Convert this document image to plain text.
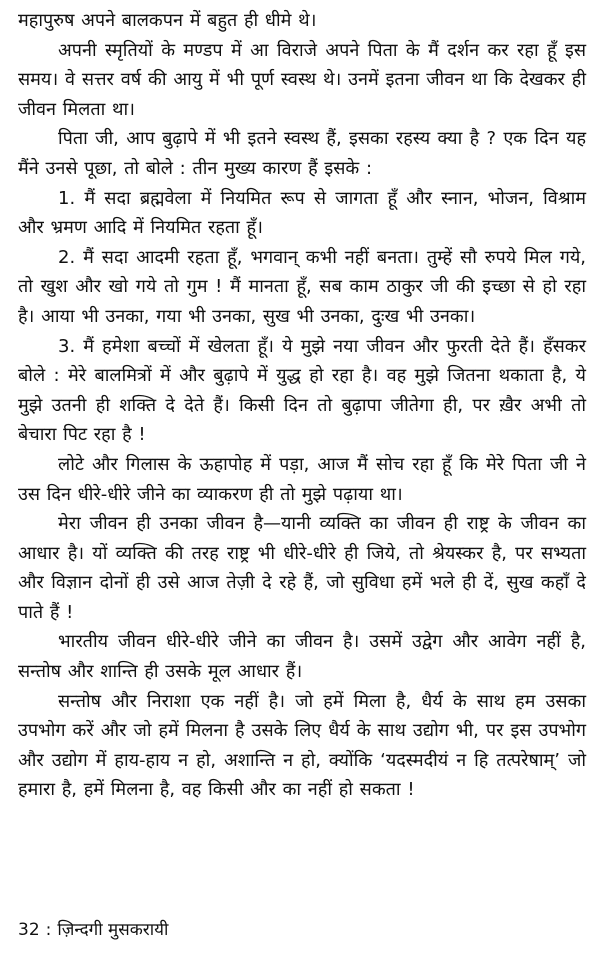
महापुरुष अपने बालकपन में बहुत ही धीमे थे।

अपनी स्मृतियों के मण्डप में आ विराजे अपने पिता के मैं दर्शन कर रहा हूँ इस समय। वे सत्तर वर्ष की आयु में भी पूर्ण स्वस्थ थे। उनमें इतना जीवन था कि देखकर ही जीवन मिलता था।

पिता जी, आप बुढ़ापे में भी इतने स्वस्थ हैं, इसका रहस्य क्या है ? एक दिन यह मैंने उनसे पूछा, तो बोले : तीन मुख्य कारण हैं इसके :

1. मैं सदा ब्रह्मवेला में नियमित रूप से जागता हूँ और स्नान, भोजन, विश्राम और भ्रमण आदि में नियमित रहता हूँ।

2. मैं सदा आदमी रहता हूँ, भगवान् कभी नहीं बनता। तुम्हें सौ रुपये मिल गये, तो खुश और खो गये तो गुम ! मैं मानता हूँ, सब काम ठाकुर जी की इच्छा से हो रहा है। आया भी उनका, गया भी उनका, सुख भी उनका, दुःख भी उनका।

3. मैं हमेशा बच्चों में खेलता हूँ। ये मुझे नया जीवन और फुरती देते हैं। हँसकर बोले : मेरे बालमित्रों में और बुढ़ापे में युद्ध हो रहा है। वह मुझे जितना थकाता है, ये मुझे उतनी ही शक्ति दे देते हैं। किसी दिन तो बुढ़ापा जीतेगा ही, पर ख़ैर अभी तो बेचारा पिट रहा है !

लोटे और गिलास के ऊहापोह में पड़ा, आज मैं सोच रहा हूँ कि मेरे पिता जी ने उस दिन धीरे-धीरे जीने का व्याकरण ही तो मुझे पढ़ाया था।

मेरा जीवन ही उनका जीवन है—यानी व्यक्ति का जीवन ही राष्ट्र के जीवन का आधार है। यों व्यक्ति की तरह राष्ट्र भी धीरे-धीरे ही जिये, तो श्रेयस्कर है, पर सभ्यता और विज्ञान दोनों ही उसे आज तेज़ी दे रहे हैं, जो सुविधा हमें भले ही दें, सुख कहाँ दे पाते हैं !

भारतीय जीवन धीरे-धीरे जीने का जीवन है। उसमें उद्वेग और आवेग नहीं है, सन्तोष और शान्ति ही उसके मूल आधार हैं।

सन्तोष और निराशा एक नहीं है। जो हमें मिला है, धैर्य के साथ हम उसका उपभोग करें और जो हमें मिलना है उसके लिए धैर्य के साथ उद्योग भी, पर इस उपभोग और उद्योग में हाय-हाय न हो, अशान्ति न हो, क्योंकि ‘यदस्मदीयं न हि तत्परेषाम्’ जो हमारा है, हमें मिलना है, वह किसी और का नहीं हो सकता !

32 : ज़िन्दगी मुसकरायी
